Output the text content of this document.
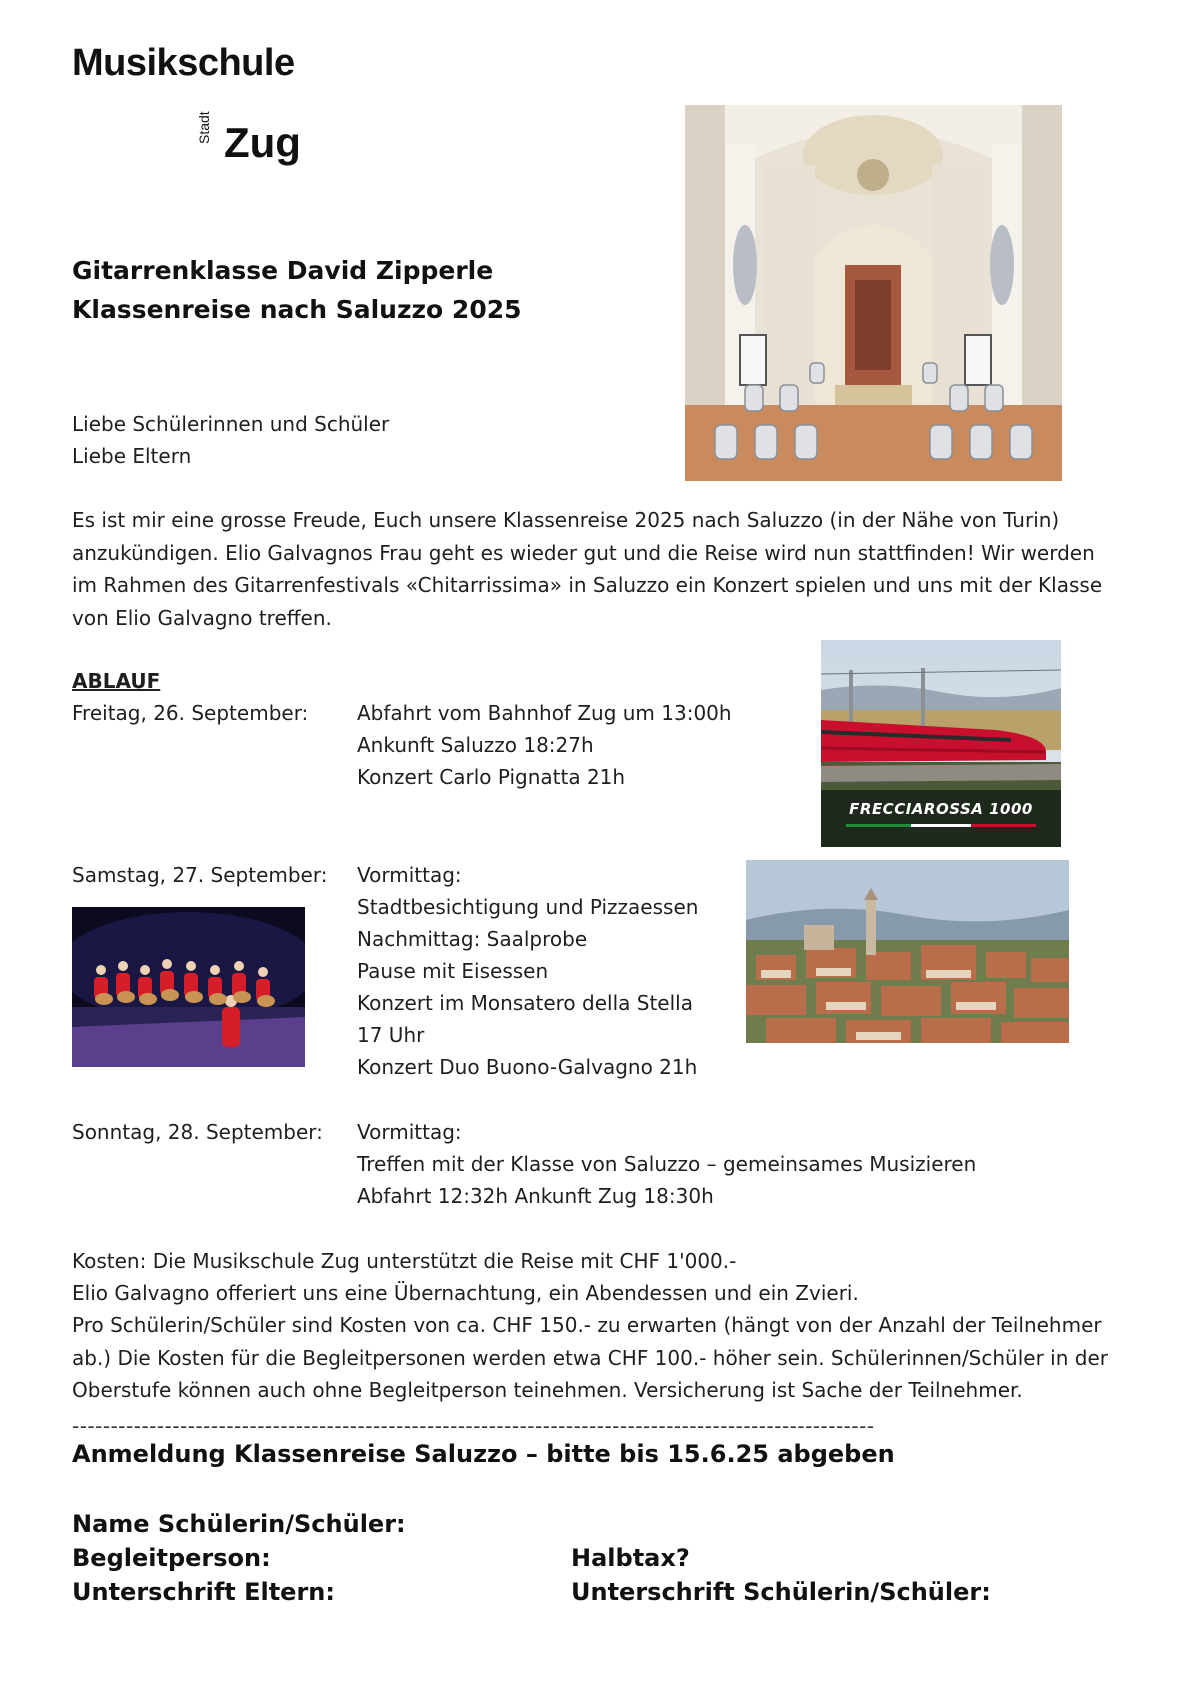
Musikschule
Stadt Zug
Gitarrenklasse David Zipperle
Klassenreise nach Saluzzo 2025
Liebe Schülerinnen und Schüler
Liebe Eltern
Es ist mir eine grosse Freude, Euch unsere Klassenreise 2025 nach Saluzzo (in der Nähe von Turin)
anzukündigen. Elio Galvagnos Frau geht es wieder gut und die Reise wird nun stattfinden! Wir werden
im Rahmen des Gitarrenfestivals «Chitarrissima» in Saluzzo ein Konzert spielen und uns mit der Klasse
von Elio Galvagno treffen.
ABLAUF
Freitag, 26. September: Abfahrt vom Bahnhof Zug um 13:00h
Ankunft Saluzzo 18:27h
Konzert Carlo Pignatta 21h
FRECCIAROSSA 1000
Samstag, 27. September: Vormittag:
Stadtbesichtigung und Pizzaessen
Nachmittag: Saalprobe
Pause mit Eisessen
Konzert im Monsatero della Stella
17 Uhr
Konzert Duo Buono-Galvagno 21h
Sonntag, 28. September: Vormittag:
Treffen mit der Klasse von Saluzzo – gemeinsames Musizieren
Abfahrt 12:32h Ankunft Zug 18:30h
Kosten: Die Musikschule Zug unterstützt die Reise mit CHF 1'000.-
Elio Galvagno offeriert uns eine Übernachtung, ein Abendessen und ein Zvieri.
Pro Schülerin/Schüler sind Kosten von ca. CHF 150.- zu erwarten (hängt von der Anzahl der Teilnehmer
ab.) Die Kosten für die Begleitpersonen werden etwa CHF 100.- höher sein. Schülerinnen/Schüler in der
Oberstufe können auch ohne Begleitperson teinehmen. Versicherung ist Sache der Teilnehmer.
--------------------------------------------------------------------------------------------------------
Anmeldung Klassenreise Saluzzo – bitte bis 15.6.25 abgeben
Name Schülerin/Schüler:
Begleitperson:	Halbtax?
Unterschrift Eltern:	Unterschrift Schülerin/Schüler:
